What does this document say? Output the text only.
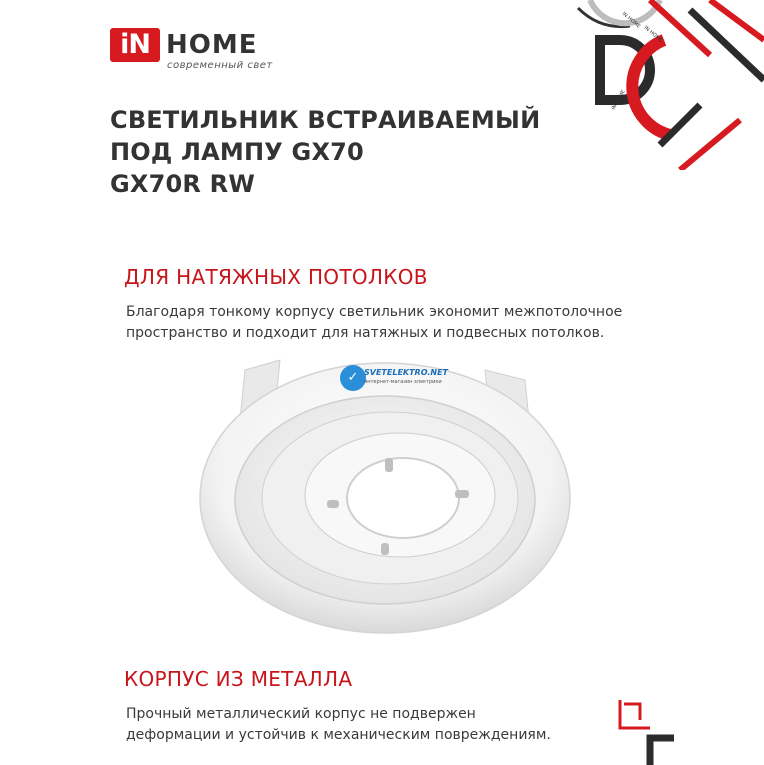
iN HOME
современный свет
IN HOME
IN HOME
IN HOME
СВЕТИЛЬНИК ВСТРАИВАЕМЫЙ
ПОД ЛАМПУ GX70
GX70R RW
ДЛЯ НАТЯЖНЫХ ПОТОЛКОВ
Благодаря тонкому корпусу светильник экономит межпотолочное пространство и подходит для натяжных и подвесных потолков.
✓ SVETELEKTRO.NET
интернет-магазин электрики
КОРПУС ИЗ МЕТАЛЛА
Прочный металлический корпус не подвержен деформации и устойчив к механическим повреждениям.
